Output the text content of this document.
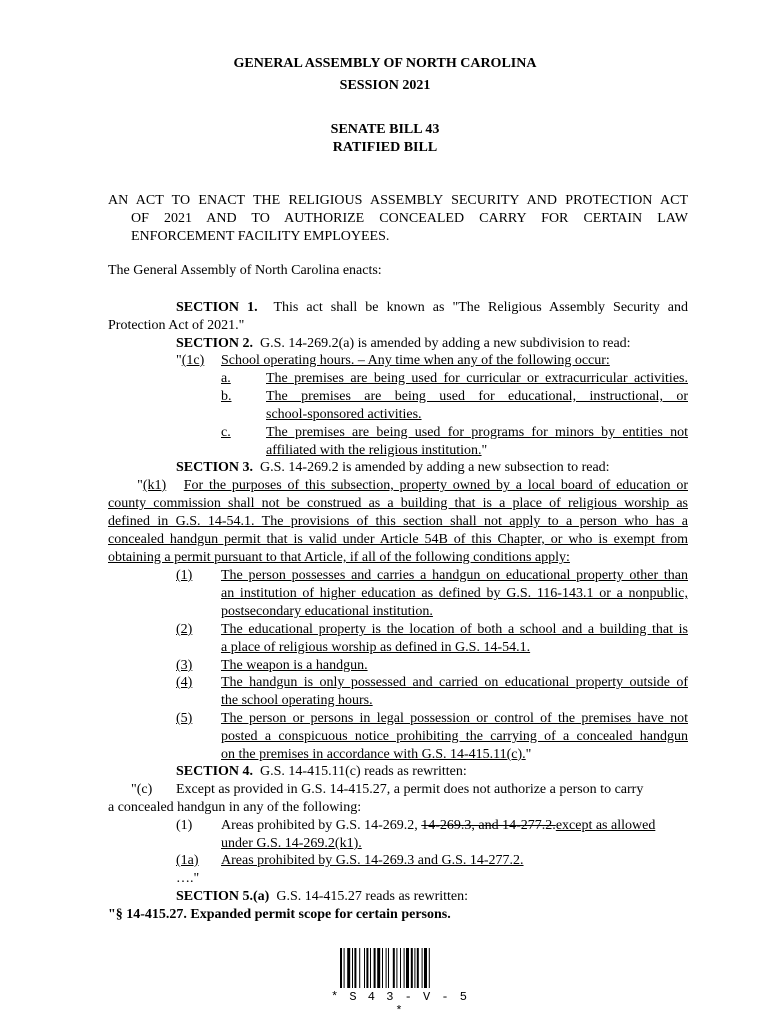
GENERAL ASSEMBLY OF NORTH CAROLINA
SESSION 2021
SENATE BILL 43
RATIFIED BILL
AN ACT TO ENACT THE RELIGIOUS ASSEMBLY SECURITY AND PROTECTION ACT
OF 2021 AND TO AUTHORIZE CONCEALED CARRY FOR CERTAIN LAW
ENFORCEMENT FACILITY EMPLOYEES.
The General Assembly of North Carolina enacts:
SECTION 1. This act shall be known as "The Religious Assembly Security and
Protection Act of 2021."
SECTION 2. G.S. 14-269.2(a) is amended by adding a new subdivision to read:
"(1c) School operating hours. – Any time when any of the following occur:
a.	The premises are being used for curricular or extracurricular activities.
b. The premises are being used for educational, instructional, or
school-sponsored activities.
c.	The premises are being used for programs for minors by entities not
affiliated with the religious institution."
SECTION 3. G.S. 14-269.2 is amended by adding a new subsection to read:
"(k1) For the purposes of this subsection, property owned by a local board of education or
county commission shall not be construed as a building that is a place of religious worship as
defined in G.S. 14-54.1. The provisions of this section shall not apply to a person who has a
concealed handgun permit that is valid under Article 54B of this Chapter, or who is exempt from
obtaining a permit pursuant to that Article, if all of the following conditions apply:
(1) The person possesses and carries a handgun on educational property other than
an institution of higher education as defined by G.S. 116-143.1 or a nonpublic,
postsecondary educational institution.
(2) The educational property is the location of both a school and a building that is
a place of religious worship as defined in G.S. 14-54.1.
(3) The weapon is a handgun.
(4) The handgun is only possessed and carried on educational property outside of
the school operating hours.
(5) The person or persons in legal possession or control of the premises have not
posted a conspicuous notice prohibiting the carrying of a concealed handgun
on the premises in accordance with G.S. 14-415.11(c)."
SECTION 4. G.S. 14-415.11(c) reads as rewritten:
"(c) Except as provided in G.S. 14-415.27, a permit does not authorize a person to carry
a concealed handgun in any of the following:
(1) Areas prohibited by G.S. 14-269.2, 14-269.3, and 14-277.2.except as allowed
under G.S. 14-269.2(k1).
(1a) Areas prohibited by G.S. 14-269.3 and G.S. 14-277.2.
…."
SECTION 5.(a) G.S. 14-415.27 reads as rewritten:
"§ 14-415.27. Expanded permit scope for certain persons.
* S 4 3 - V - 5 *
